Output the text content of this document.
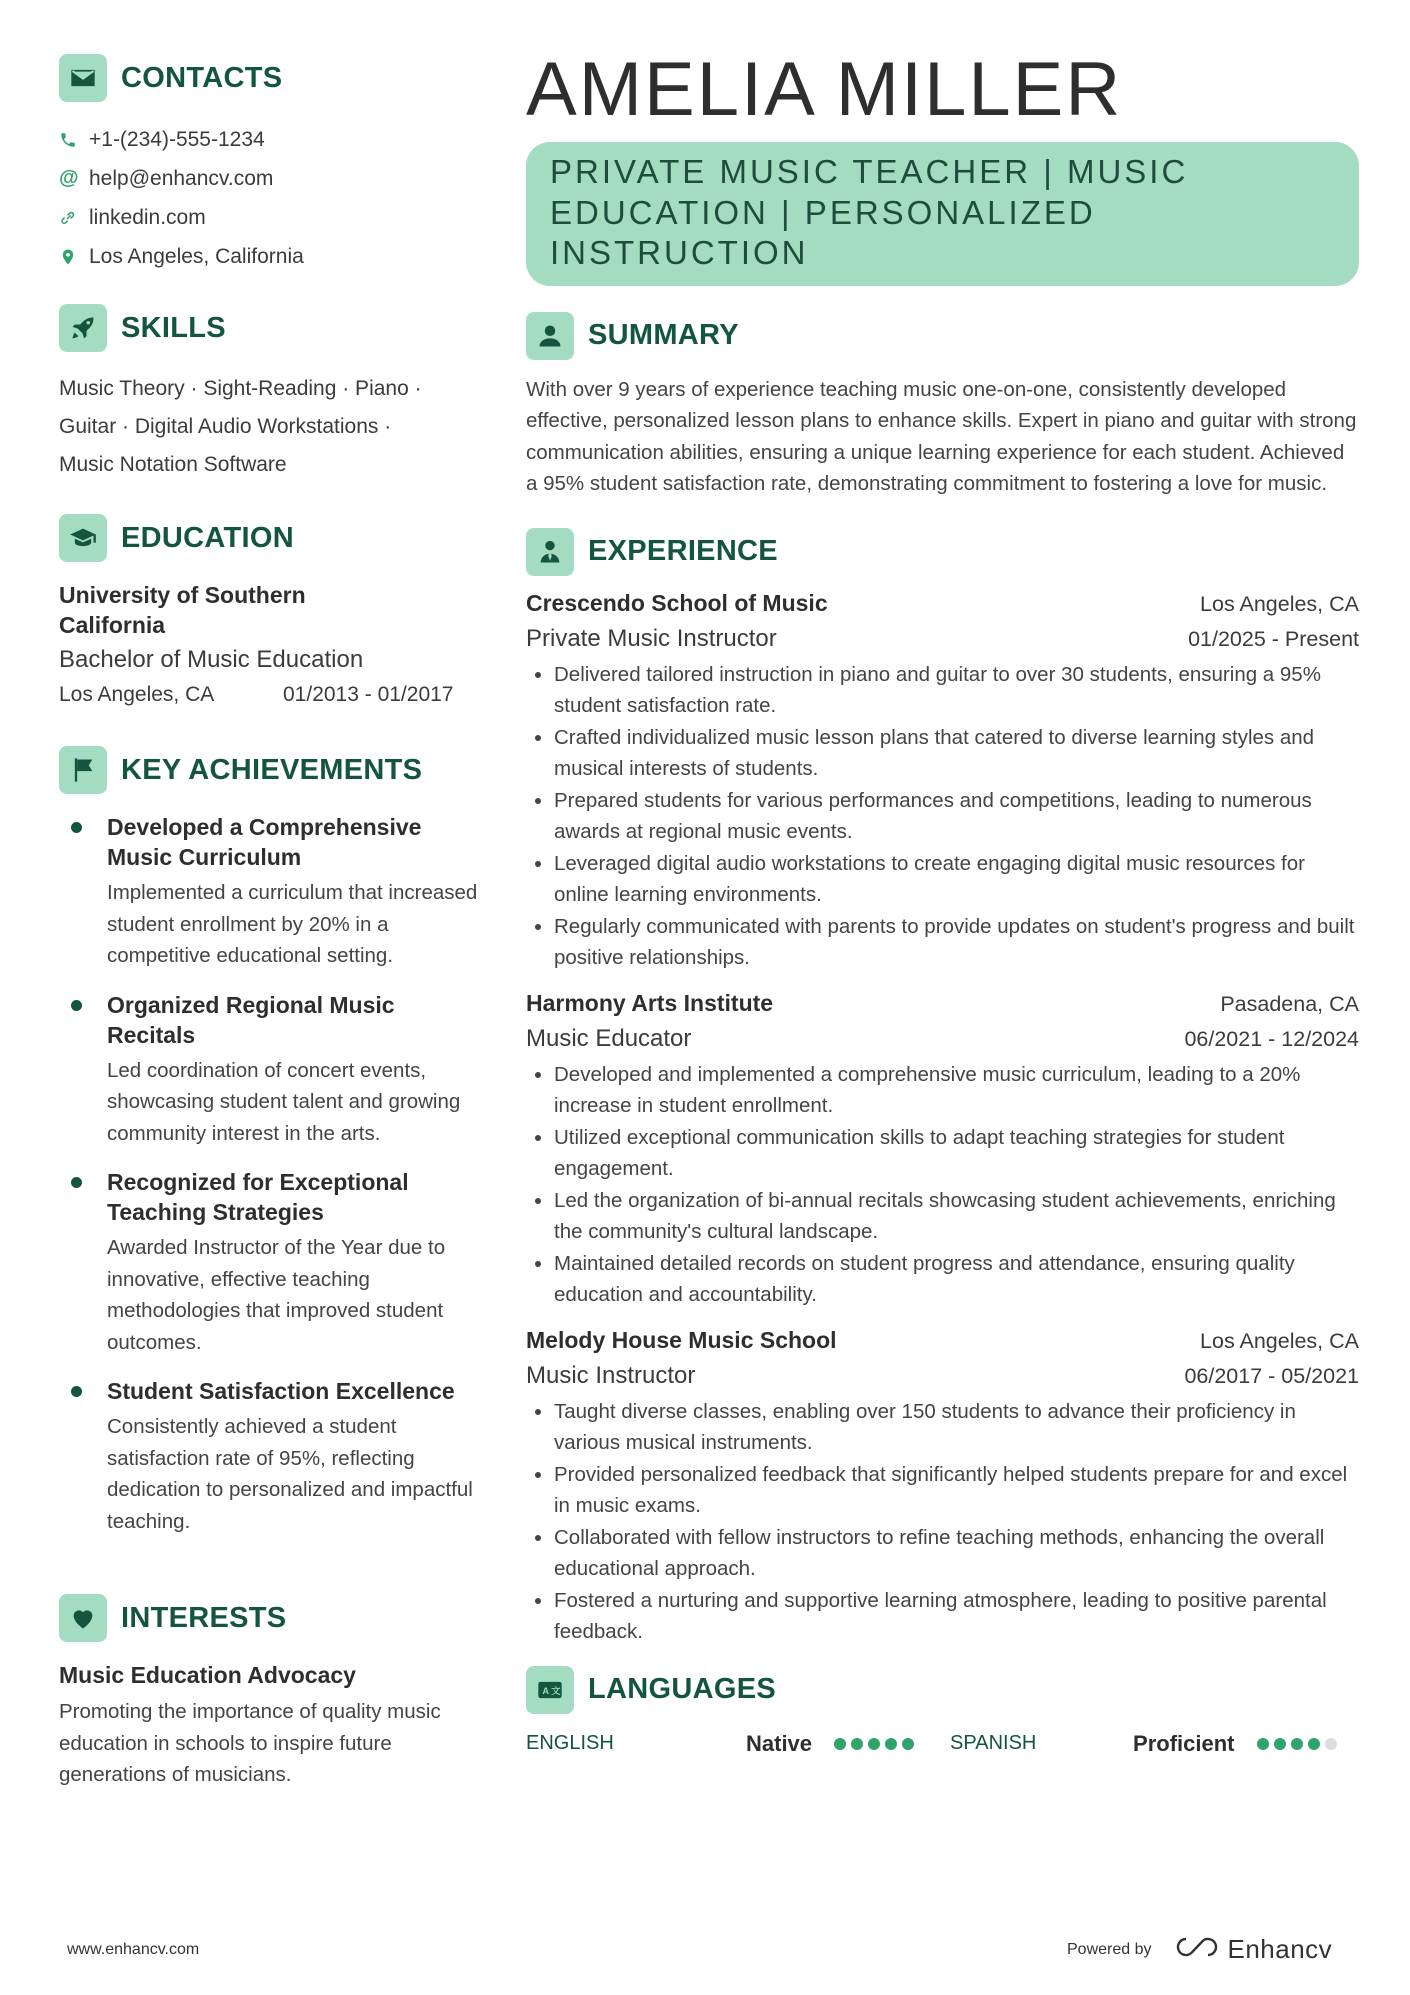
CONTACTS
+1-(234)-555-1234
@ help@enhancv.com
linkedin.com
Los Angeles, California
SKILLS
Music Theory · Sight-Reading · Piano ·
Guitar · Digital Audio Workstations ·
Music Notation Software
EDUCATION
University of Southern
California
Bachelor of Music Education
Los Angeles, CA	01/2013 - 01/2017
KEY ACHIEVEMENTS
Developed a Comprehensive Music Curriculum
Implemented a curriculum that increased student enrollment by 20% in a competitive educational setting.
Organized Regional Music Recitals
Led coordination of concert events, showcasing student talent and growing community interest in the arts.
Recognized for Exceptional Teaching Strategies
Awarded Instructor of the Year due to innovative, effective teaching methodologies that improved student outcomes.
Student Satisfaction Excellence
Consistently achieved a student satisfaction rate of 95%, reflecting dedication to personalized and impactful teaching.
INTERESTS
Music Education Advocacy
Promoting the importance of quality music education in schools to inspire future generations of musicians.
AMELIA MILLER
PRIVATE MUSIC TEACHER | MUSIC EDUCATION | PERSONALIZED INSTRUCTION
SUMMARY
With over 9 years of experience teaching music one-on-one, consistently developed effective, personalized lesson plans to enhance skills. Expert in piano and guitar with strong communication abilities, ensuring a unique learning experience for each student. Achieved a 95% student satisfaction rate, demonstrating commitment to fostering a love for music.
EXPERIENCE
Crescendo School of Music	Los Angeles, CA
Private Music Instructor	01/2025 - Present
• Delivered tailored instruction in piano and guitar to over 30 students, ensuring a 95% student satisfaction rate.
• Crafted individualized music lesson plans that catered to diverse learning styles and musical interests of students.
• Prepared students for various performances and competitions, leading to numerous awards at regional music events.
• Leveraged digital audio workstations to create engaging digital music resources for online learning environments.
• Regularly communicated with parents to provide updates on student's progress and built positive relationships.
Harmony Arts Institute	Pasadena, CA
Music Educator	06/2021 - 12/2024
• Developed and implemented a comprehensive music curriculum, leading to a 20% increase in student enrollment.
• Utilized exceptional communication skills to adapt teaching strategies for student engagement.
• Led the organization of bi-annual recitals showcasing student achievements, enriching the community's cultural landscape.
• Maintained detailed records on student progress and attendance, ensuring quality education and accountability.
Melody House Music School	Los Angeles, CA
Music Instructor	06/2017 - 05/2021
• Taught diverse classes, enabling over 150 students to advance their proficiency in various musical instruments.
• Provided personalized feedback that significantly helped students prepare for and excel in music exams.
• Collaborated with fellow instructors to refine teaching methods, enhancing the overall educational approach.
• Fostered a nurturing and supportive learning atmosphere, leading to positive parental feedback.
A 文 LANGUAGES
ENGLISH	Native	SPANISH	Proficient
www.enhancv.com	Powered by	Enhancv
